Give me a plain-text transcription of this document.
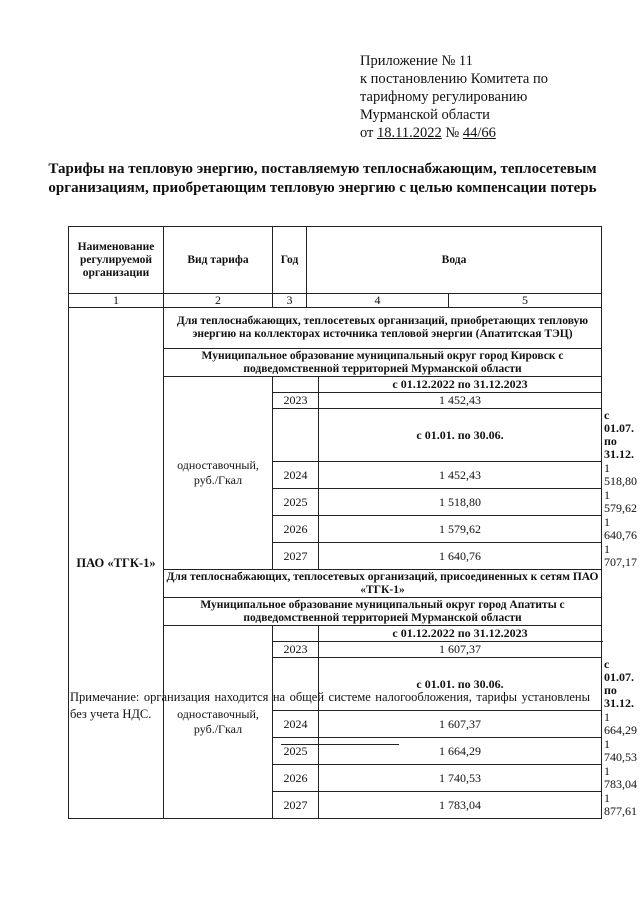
Приложение № 11
к постановлению Комитета по
тарифному регулированию
Мурманской области
от 18.11.2022 № 44/66
Тарифы на тепловую энергию, поставляемую теплоснабжающим, теплосетевым организациям, приобретающим тепловую энергию с целью компенсации потерь
Наименование регулируемой организации	Вид тарифа	Год	Вода			
1	2	3	4		5	
ПАО «ТГК-1»	Для теплоснабжающих, теплосетевых организаций, приобретающих тепловую энергию на коллекторах источника тепловой энергии (Апатитская ТЭЦ)					
	Муниципальное образование муниципальный округ город Кировск с подведомственной территорией Мурманской области					
	одноставочный, руб./Гкал			с 01.12.2022 по 31.12.2023		
		2023		1 452,43		
				с 01.01. по 30.06.		с 01.07. по 31.12.
		2024		1 452,43		1 518,80
		2025		1 518,80		1 579,62
		2026		1 579,62		1 640,76
		2027		1 640,76		1 707,17
	Для теплоснабжающих, теплосетевых организаций, присоединенных к сетям ПАО «ТГК-1»					
	Муниципальное образование муниципальный округ город Апатиты с подведомственной территорией Мурманской области					
	одноставочный, руб./Гкал			с 01.12.2022 по 31.12.2023		
		2023		1 607,37		
				с 01.01. по 30.06.		с 01.07. по 31.12.
		2024		1 607,37		1 664,29
		2025		1 664,29		1 740,53
		2026		1 740,53		1 783,04
		2027		1 783,04		1 877,61
Примечание: организация находится на общей системе налогообложения, тарифы установлены без учета НДС.
